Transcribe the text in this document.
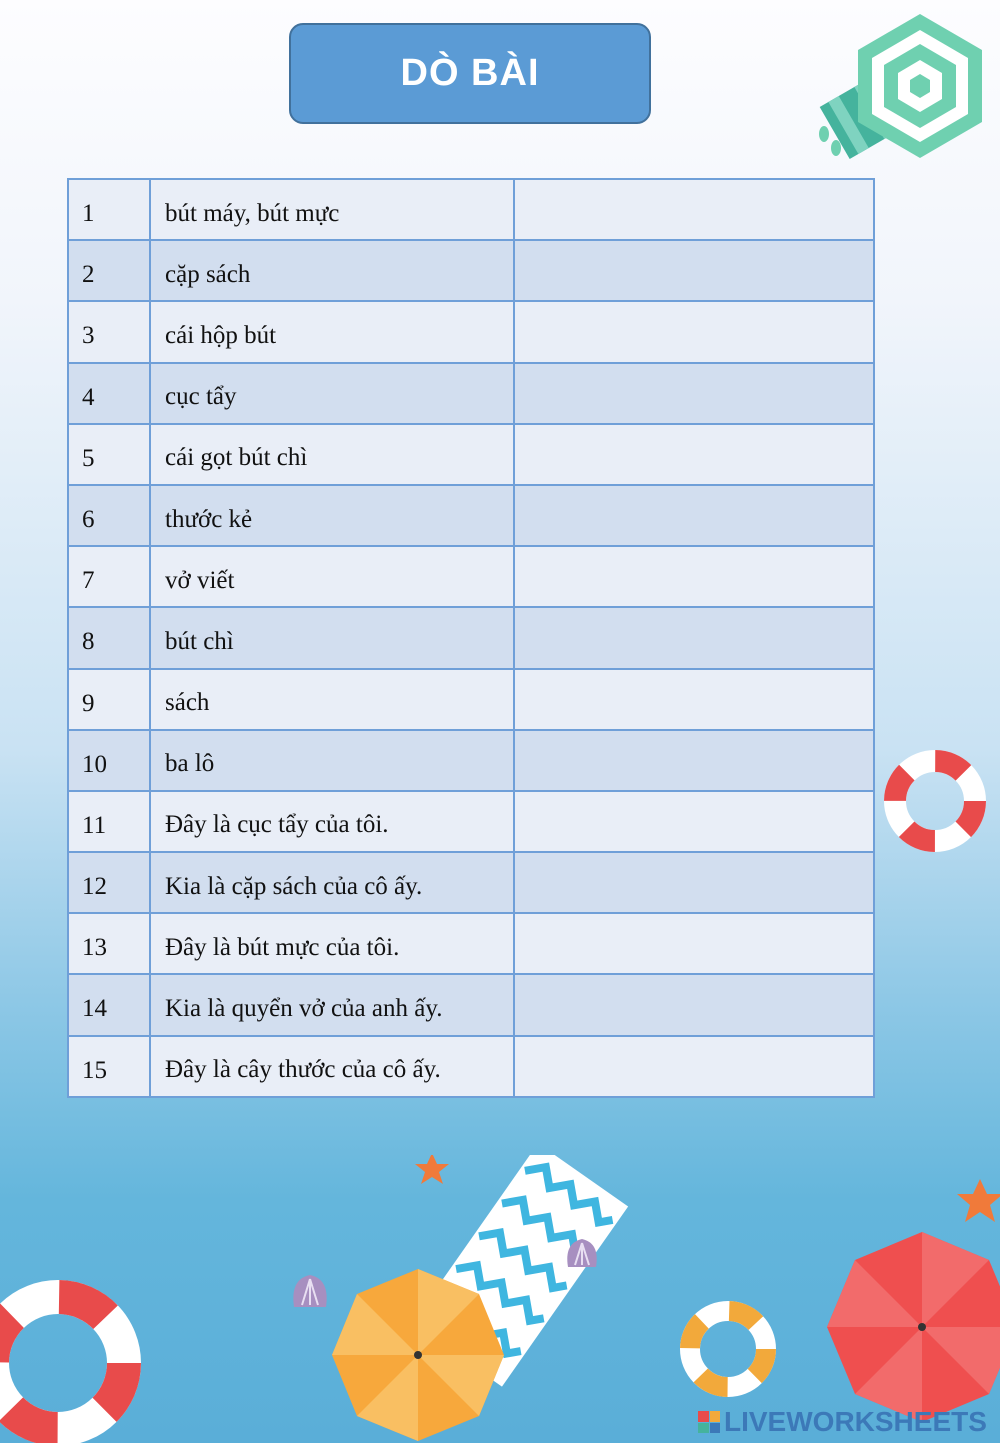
DÒ BÀI
1	bút máy, bút mực	

2	cặp sách	

3	cái hộp bút	

4	cục tẩy	

5	cái gọt bút chì	

6	thước kẻ	

7	vở viết	

8	bút chì	

9	sách	

10	ba lô	

11	Đây là cục tẩy của tôi.	

12	Kia là cặp sách của cô ấy.	

13	Đây là bút mực của tôi.	

14	Kia là quyển vở của anh ấy.	

15	Đây là cây thước của cô ấy.	
LIVEWORKSHEETS
